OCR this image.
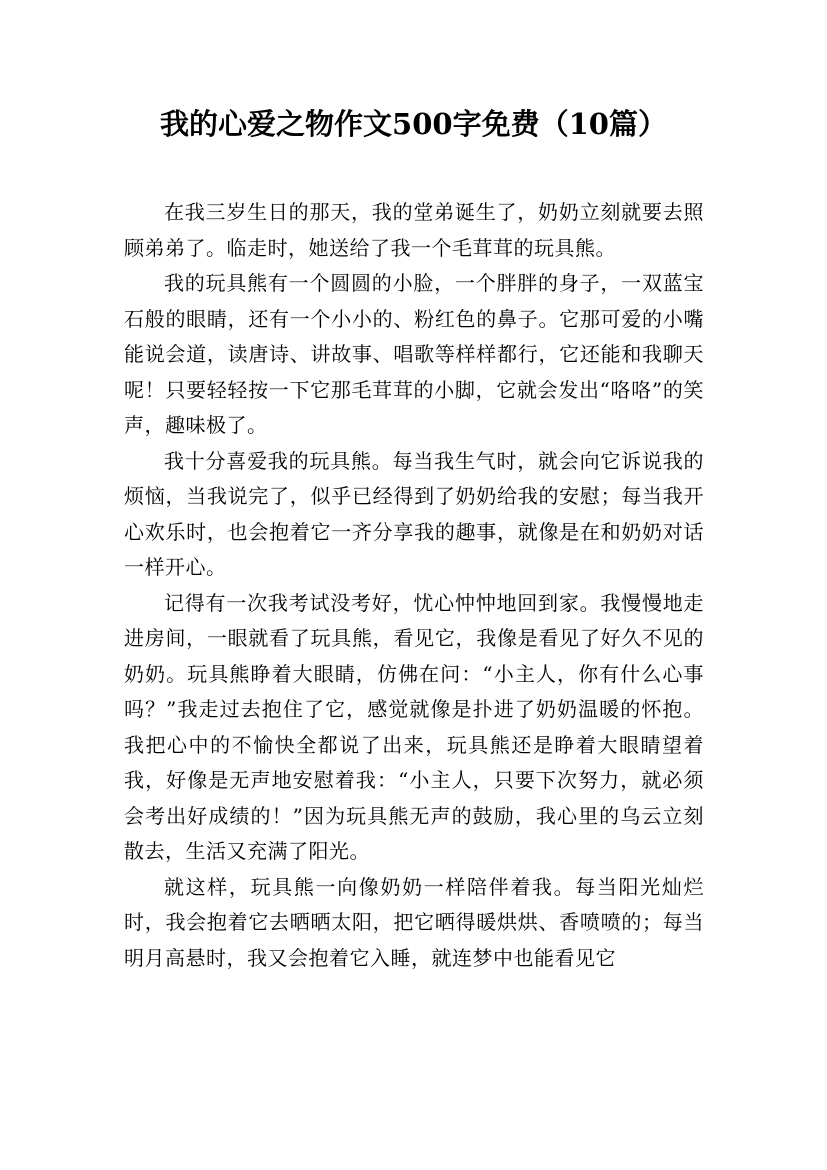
我的心爱之物作文500字免费（10篇）

在我三岁生日的那天，我的堂弟诞生了，奶奶立刻就要去照顾弟弟了。临走时，她送给了我一个毛茸茸的玩具熊。

我的玩具熊有一个圆圆的小脸，一个胖胖的身子，一双蓝宝石般的眼睛，还有一个小小的、粉红色的鼻子。它那可爱的小嘴能说会道，读唐诗、讲故事、唱歌等样样都行，它还能和我聊天呢！只要轻轻按一下它那毛茸茸的小脚，它就会发出“咯咯”的笑声，趣味极了。

我十分喜爱我的玩具熊。每当我生气时，就会向它诉说我的烦恼，当我说完了，似乎已经得到了奶奶给我的安慰；每当我开心欢乐时，也会抱着它一齐分享我的趣事，就像是在和奶奶对话一样开心。

记得有一次我考试没考好，忧心忡忡地回到家。我慢慢地走进房间，一眼就看了玩具熊，看见它，我像是看见了好久不见的奶奶。玩具熊睁着大眼睛，仿佛在问：“小主人，你有什么心事吗？”我走过去抱住了它，感觉就像是扑进了奶奶温暖的怀抱。我把心中的不愉快全都说了出来，玩具熊还是睁着大眼睛望着我，好像是无声地安慰着我：“小主人，只要下次努力，就必须会考出好成绩的！”因为玩具熊无声的鼓励，我心里的乌云立刻散去，生活又充满了阳光。

就这样，玩具熊一向像奶奶一样陪伴着我。每当阳光灿烂时，我会抱着它去晒晒太阳，把它晒得暖烘烘、香喷喷的；每当明月高悬时，我又会抱着它入睡，就连梦中也能看见它
